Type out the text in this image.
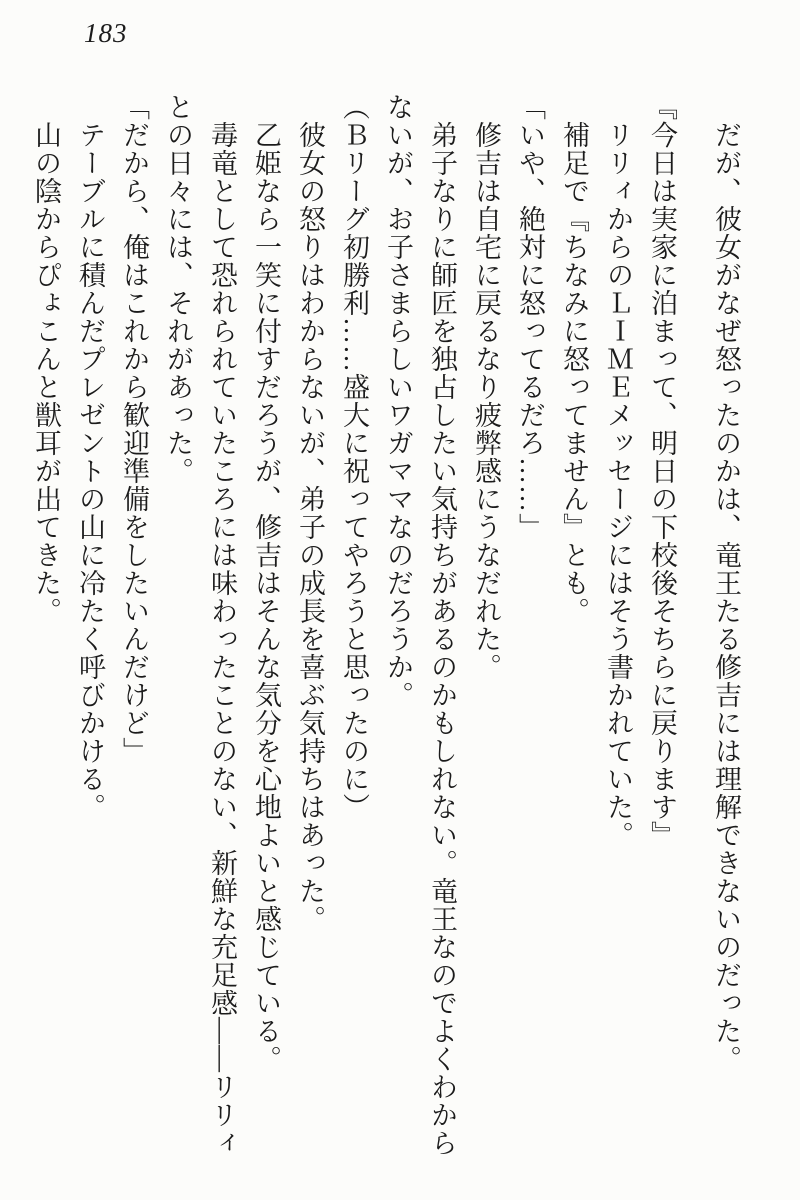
183
だが、彼女がなぜ怒ったのかは、竜王たる修吉には理解できないのだった。
『今日は実家に泊まって、明日の下校後そちらに戻ります』
リリィからのＬＩＭＥメッセージにはそう書かれていた。
補足で『ちなみに怒ってません』とも。
「いや、絶対に怒ってるだろ……」
修吉は自宅に戻るなり疲弊感にうなだれた。
弟子なりに師匠を独占したい気持ちがあるのかもしれない。竜王なのでよくわから
ないが、お子さまらしいワガママなのだろうか。
（Ｂリーグ初勝利……盛大に祝ってやろうと思ったのに）
彼女の怒りはわからないが、弟子の成長を喜ぶ気持ちはあった。
乙姫なら一笑に付すだろうが、修吉はそんな気分を心地よいと感じている。
毒竜として恐れられていたころには味わったことのない、新鮮な充足感——リリィ
との日々には、それがあった。
「だから、俺はこれから歓迎準備をしたいんだけど」
テーブルに積んだプレゼントの山に冷たく呼びかける。
山の陰からぴょこんと獣耳が出てきた。
